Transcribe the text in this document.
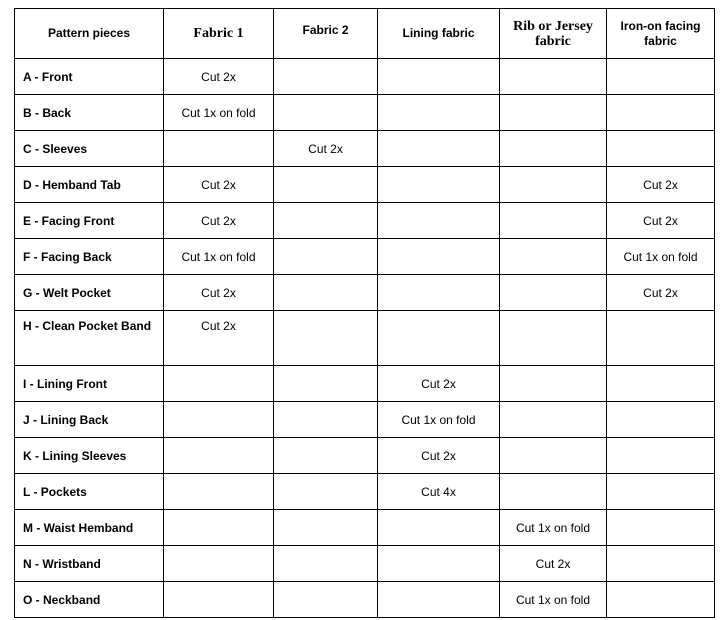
Pattern pieces	Fabric 1	Fabric 2	Lining fabric	Rib or Jersey fabric	Iron-on facing fabric
A - Front	Cut 2x				
B - Back	Cut 1x on fold				
C - Sleeves		Cut 2x			
D - Hemband Tab	Cut 2x				Cut 2x
E - Facing Front	Cut 2x				Cut 2x
F - Facing Back	Cut 1x on fold				Cut 1x on fold
G - Welt Pocket	Cut 2x				Cut 2x
H - Clean Pocket Band	Cut 2x				
I - Lining Front			Cut 2x		
J - Lining Back			Cut 1x on fold		
K - Lining Sleeves			Cut 2x		
L - Pockets			Cut 4x		
M - Waist Hemband				Cut 1x on fold	
N - Wristband				Cut 2x	
O - Neckband				Cut 1x on fold	
